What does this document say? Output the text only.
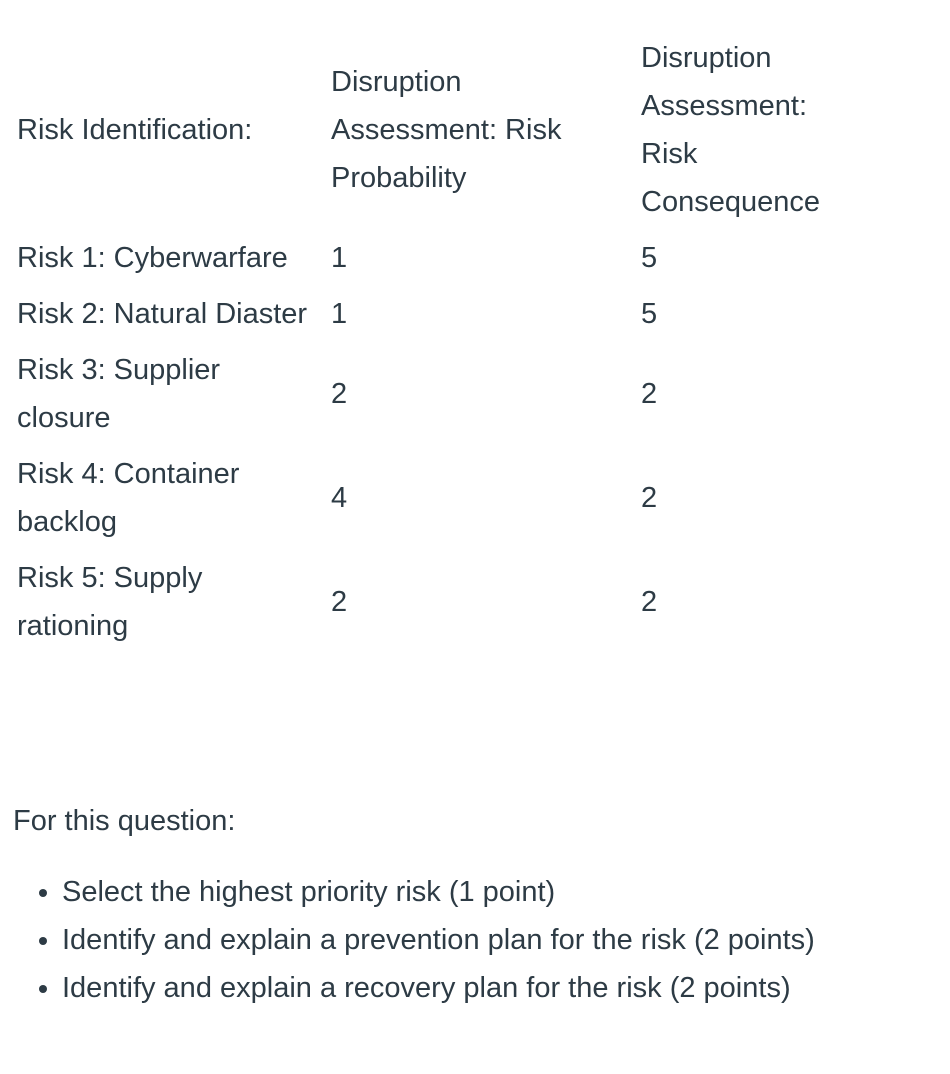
Risk Identification:	Disruption Assessment: Risk Probability	Disruption Assessment: Risk Consequence
Risk 1: Cyberwarfare	1	5
Risk 2: Natural Diaster	1	5
Risk 3: Supplier closure	2	2
Risk 4: Container backlog	4	2
Risk 5: Supply rationing	2	2

For this question:

• Select the highest priority risk (1 point)
• Identify and explain a prevention plan for the risk (2 points)
• Identify and explain a recovery plan for the risk (2 points)
